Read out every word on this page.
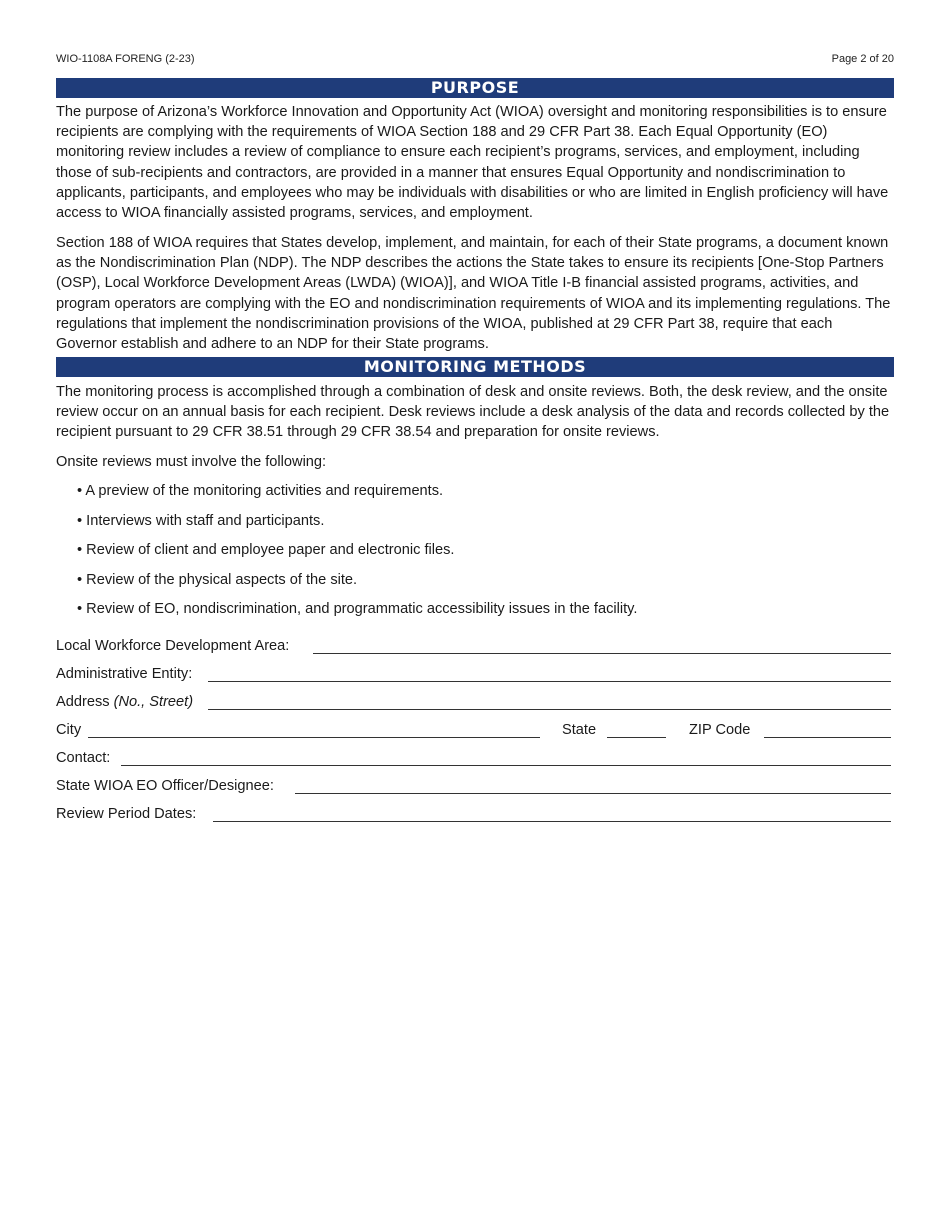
WIO-1108A FORENG (2-23)	Page 2 of 20
PURPOSE

The purpose of Arizona’s Workforce Innovation and Opportunity Act (WIOA) oversight and monitoring responsibilities is to ensure recipients are complying with the requirements of WIOA Section 188 and 29 CFR Part 38. Each Equal Opportunity (EO) monitoring review includes a review of compliance to ensure each recipient’s programs, services, and employment, including those of sub-recipients and contractors, are provided in a manner that ensures Equal Opportunity and nondiscrimination to applicants, participants, and employees who may be individuals with disabilities or who are limited in English proficiency will have access to WIOA financially assisted programs, services, and employment.

Section 188 of WIOA requires that States develop, implement, and maintain, for each of their State programs, a document known as the Nondiscrimination Plan (NDP). The NDP describes the actions the State takes to ensure its recipients [One-Stop Partners (OSP), Local Workforce Development Areas (LWDA) (WIOA)], and WIOA Title I-B financial assisted programs, activities, and program operators are complying with the EO and nondiscrimination requirements of WIOA and its implementing regulations. The regulations that implement the nondiscrimination provisions of the WIOA, published at 29 CFR Part 38, require that each Governor establish and adhere to an NDP for their State programs.

MONITORING METHODS

The monitoring process is accomplished through a combination of desk and onsite reviews. Both, the desk review, and the onsite review occur on an annual basis for each recipient. Desk reviews include a desk analysis of the data and records collected by the recipient pursuant to 29 CFR 38.51 through 29 CFR 38.54 and preparation for onsite reviews.

Onsite reviews must involve the following:

• A preview of the monitoring activities and requirements.
• Interviews with staff and participants.
• Review of client and employee paper and electronic files.
• Review of the physical aspects of the site.
• Review of EO, nondiscrimination, and programmatic accessibility issues in the facility.
Local Workforce Development Area:
Administrative Entity:
Address (No., Street)
City	State	ZIP Code
Contact:
State WIOA EO Officer/Designee:
Review Period Dates:
